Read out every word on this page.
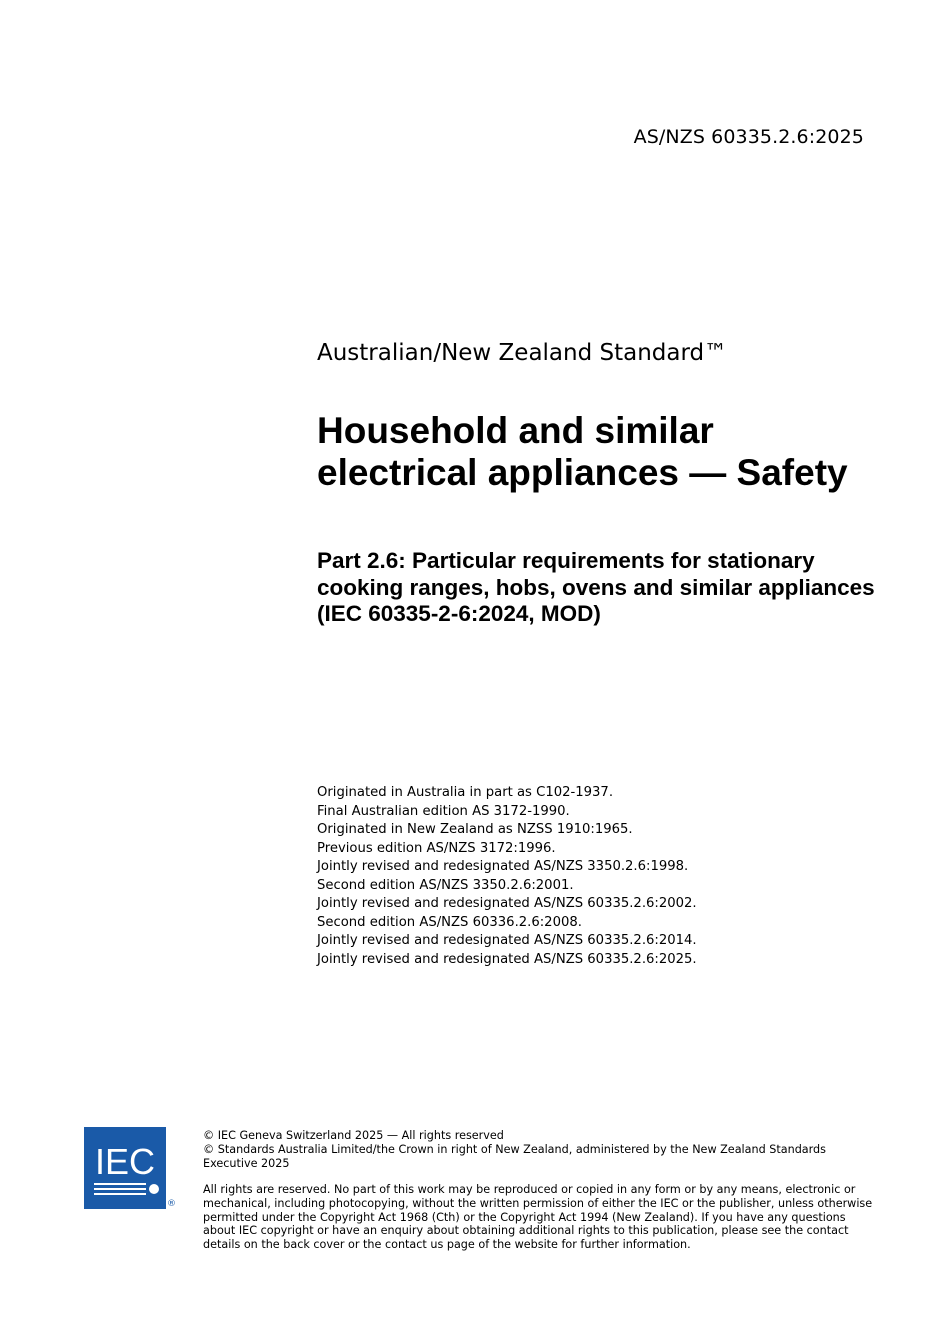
AS/NZS 60335.2.6:2025
Australian/New Zealand Standard™
Household and similar electrical appliances — Safety
Part 2.6: Particular requirements for stationary cooking ranges, hobs, ovens and similar appliances (IEC 60335-2-6:2024, MOD)
Originated in Australia in part as C102-1937.
Final Australian edition AS 3172-1990.
Originated in New Zealand as NZSS 1910:1965.
Previous edition AS/NZS 3172:1996.
Jointly revised and redesignated AS/NZS 3350.2.6:1998.
Second edition AS/NZS 3350.2.6:2001.
Jointly revised and redesignated AS/NZS 60335.2.6:2002.
Second edition AS/NZS 60336.2.6:2008.
Jointly revised and redesignated AS/NZS 60335.2.6:2014.
Jointly revised and redesignated AS/NZS 60335.2.6:2025.
IEC
®

© IEC Geneva Switzerland 2025 — All rights reserved

© Standards Australia Limited/the Crown in right of New Zealand, administered by the New Zealand Standards Executive 2025

All rights are reserved. No part of this work may be reproduced or copied in any form or by any means, electronic or mechanical, including photocopying, without the written permission of either the IEC or the publisher, unless otherwise permitted under the Copyright Act 1968 (Cth) or the Copyright Act 1994 (New Zealand). If you have any questions about IEC copyright or have an enquiry about obtaining additional rights to this publication, please see the contact details on the back cover or the contact us page of the website for further information.
